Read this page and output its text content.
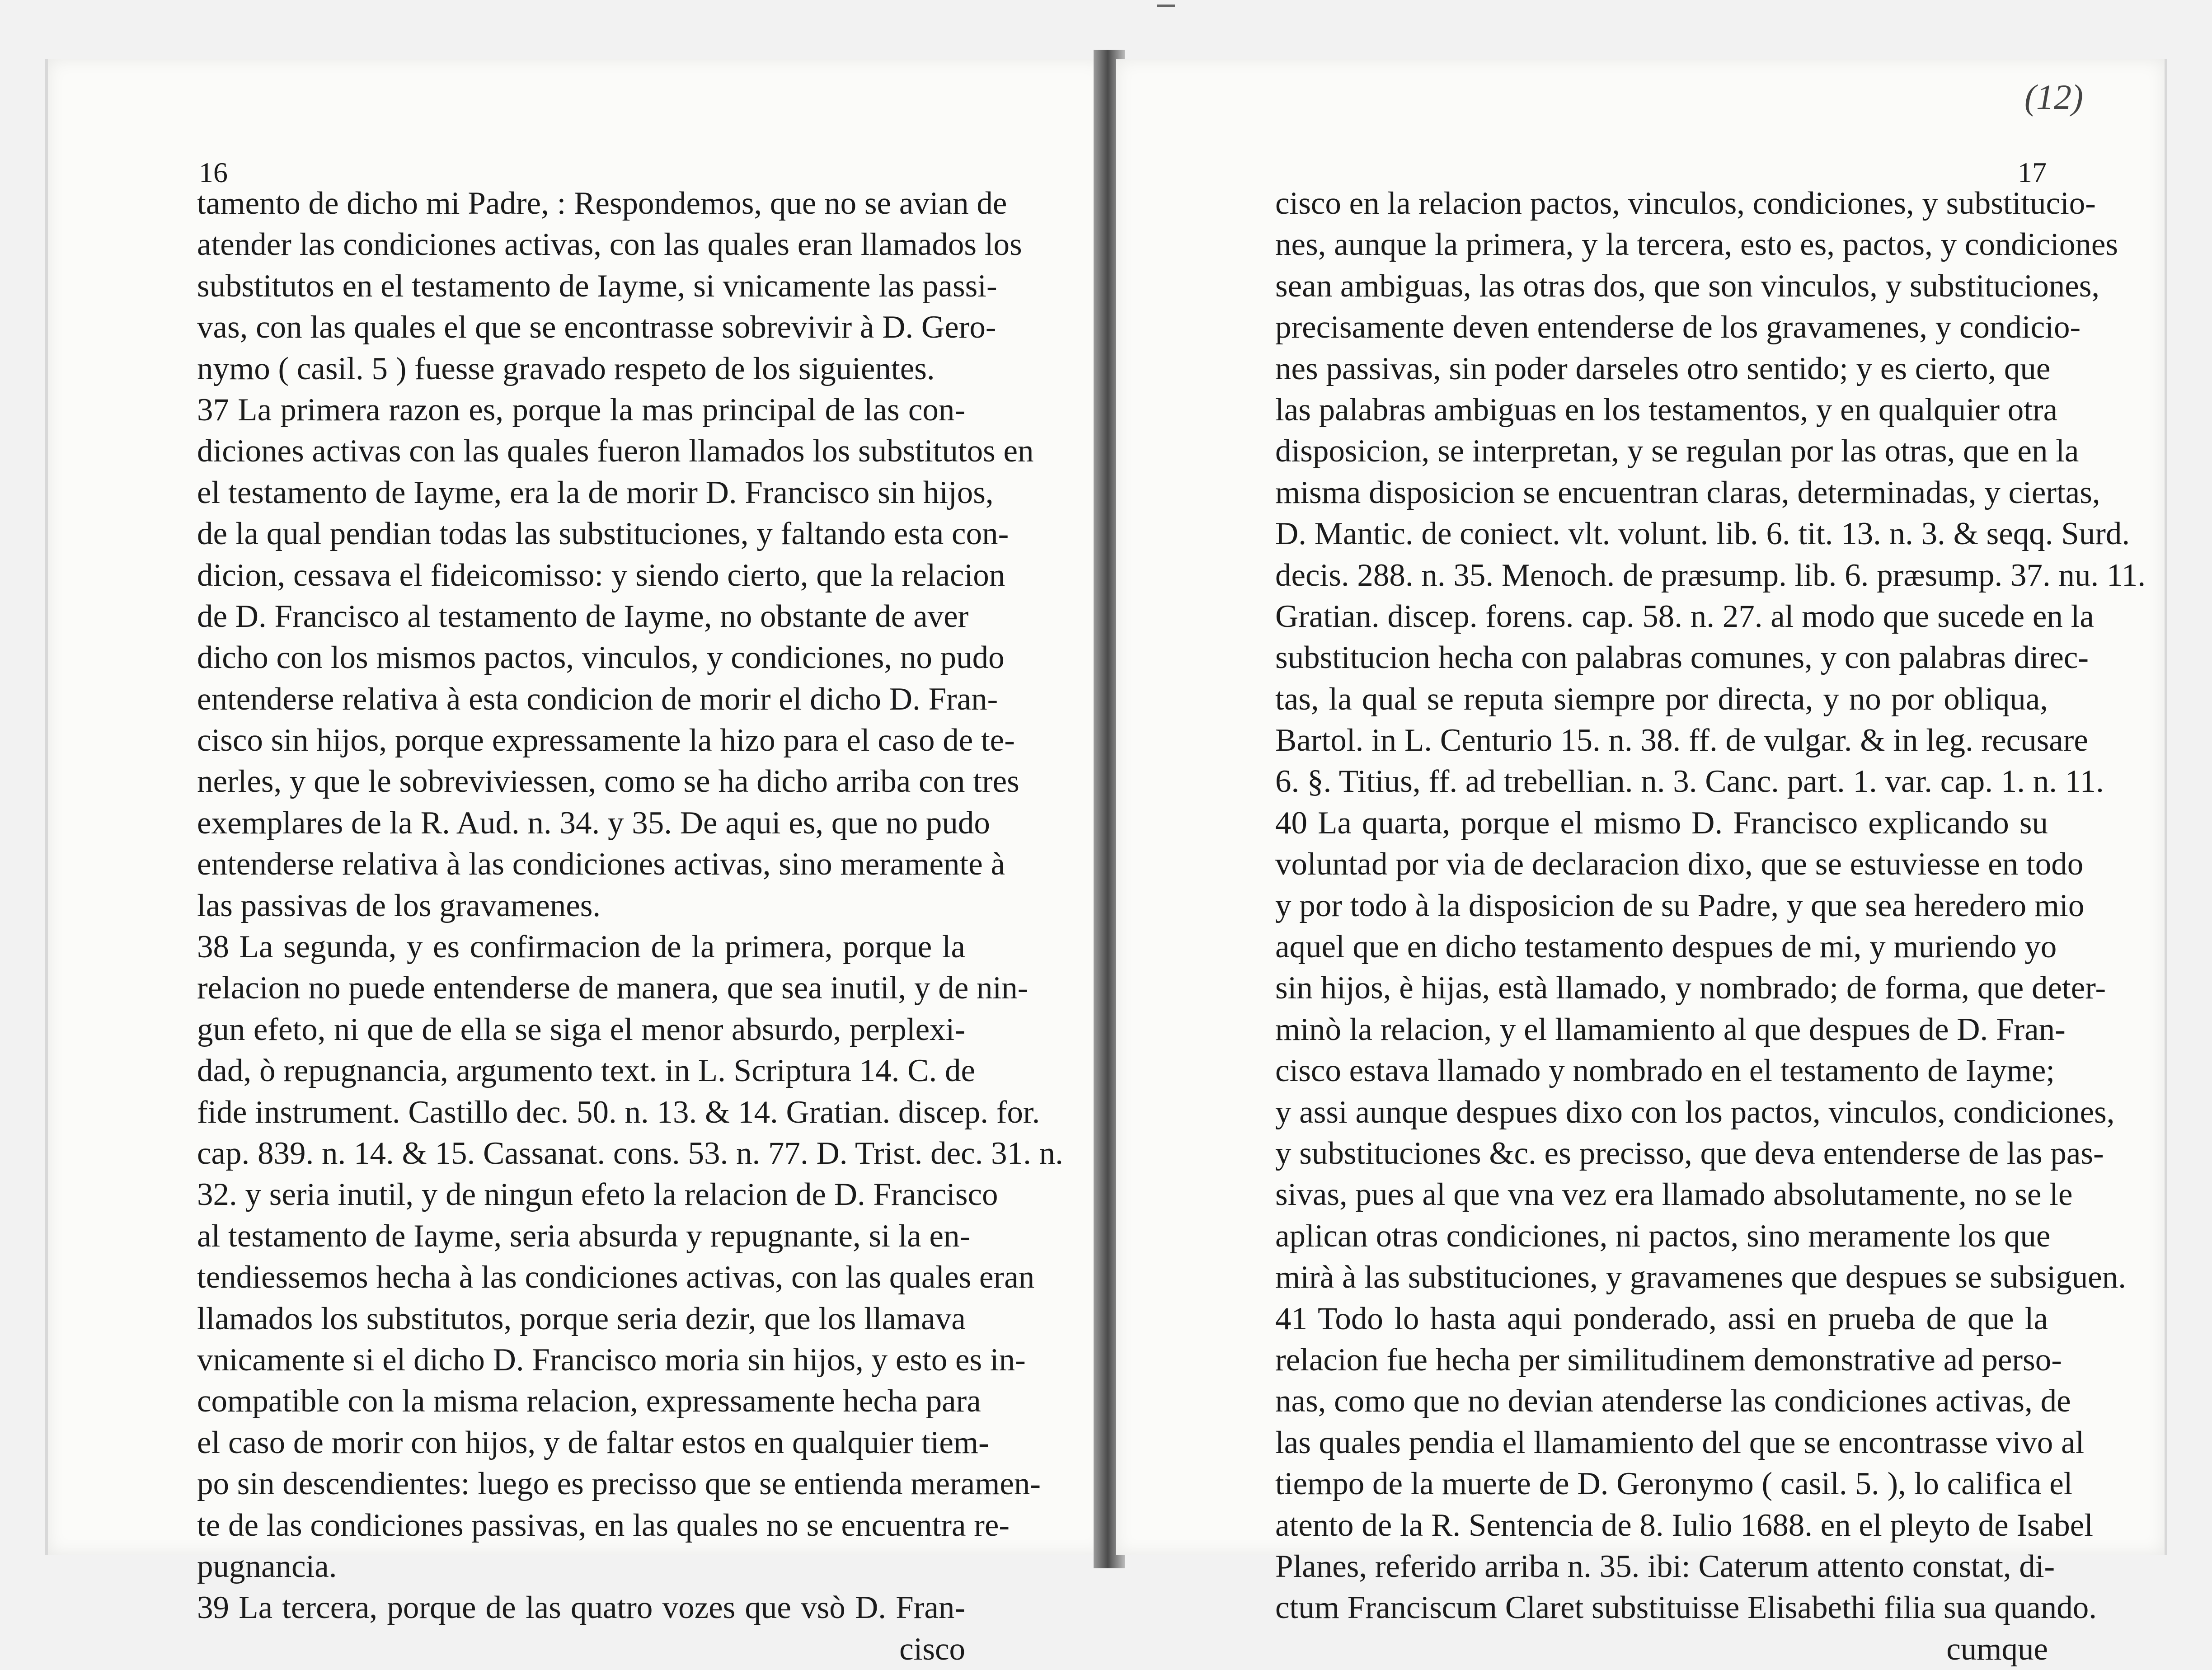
16	17
(12)
tamento de dicho mi Padre, : Respondemos, que no se avian de
atender las condiciones activas, con las quales eran llamados los
substitutos en el testamento de Iayme, si vnicamente las passi-
vas, con las quales el que se encontrasse sobrevivir à D. Gero-
nymo ( casil. 5 ) fuesse gravado respeto de los siguientes.
37 La primera razon es, porque la mas principal de las con-
diciones activas con las quales fueron llamados los substitutos en
el testamento de Iayme, era la de morir D. Francisco sin hijos,
de la qual pendian todas las substituciones, y faltando esta con-
dicion, cessava el fideicomisso: y siendo cierto, que la relacion
de D. Francisco al testamento de Iayme, no obstante de aver
dicho con los mismos pactos, vinculos, y condiciones, no pudo
entenderse relativa à esta condicion de morir el dicho D. Fran-
cisco sin hijos, porque expressamente la hizo para el caso de te-
nerles, y que le sobreviviessen, como se ha dicho arriba con tres
exemplares de la R. Aud. n. 34. y 35. De aqui es, que no pudo
entenderse relativa à las condiciones activas, sino meramente à
las passivas de los gravamenes.
38 La segunda, y es confirmacion de la primera, porque la
relacion no puede entenderse de manera, que sea inutil, y de nin-
gun efeto, ni que de ella se siga el menor absurdo, perplexi-
dad, ò repugnancia, argumento text. in L. Scriptura 14. C. de
fide instrument. Castillo dec. 50. n. 13. & 14. Gratian. discep. for.
cap. 839. n. 14. & 15. Cassanat. cons. 53. n. 77. D. Trist. dec. 31. n.
32. y seria inutil, y de ningun efeto la relacion de D. Francisco
al testamento de Iayme, seria absurda y repugnante, si la en-
tendiessemos hecha à las condiciones activas, con las quales eran
llamados los substitutos, porque seria dezir, que los llamava
vnicamente si el dicho D. Francisco moria sin hijos, y esto es in-
compatible con la misma relacion, expressamente hecha para
el caso de morir con hijos, y de faltar estos en qualquier tiem-
po sin descendientes: luego es precisso que se entienda meramen-
te de las condiciones passivas, en las quales no se encuentra re-
pugnancia.
39 La tercera, porque de las quatro vozes que vsò D. Fran-
cisco
cisco en la relacion pactos, vinculos, condiciones, y substitucio-
nes, aunque la primera, y la tercera, esto es, pactos, y condiciones
sean ambiguas, las otras dos, que son vinculos, y substituciones,
precisamente deven entenderse de los gravamenes, y condicio-
nes passivas, sin poder darseles otro sentido; y es cierto, que
las palabras ambiguas en los testamentos, y en qualquier otra
disposicion, se interpretan, y se regulan por las otras, que en la
misma disposicion se encuentran claras, determinadas, y ciertas,
D. Mantic. de coniect. vlt. volunt. lib. 6. tit. 13. n. 3. & seqq. Surd.
decis. 288. n. 35. Menoch. de præsump. lib. 6. præsump. 37. nu. 11.
Gratian. discep. forens. cap. 58. n. 27. al modo que sucede en la
substitucion hecha con palabras comunes, y con palabras direc-
tas, la qual se reputa siempre por directa, y no por obliqua,
Bartol. in L. Centurio 15. n. 38. ff. de vulgar. & in leg. recusare
6. §. Titius, ff. ad trebellian. n. 3. Canc. part. 1. var. cap. 1. n. 11.
40 La quarta, porque el mismo D. Francisco explicando su
voluntad por via de declaracion dixo, que se estuviesse en todo
y por todo à la disposicion de su Padre, y que sea heredero mio
aquel que en dicho testamento despues de mi, y muriendo yo
sin hijos, è hijas, està llamado, y nombrado; de forma, que deter-
minò la relacion, y el llamamiento al que despues de D. Fran-
cisco estava llamado y nombrado en el testamento de Iayme;
y assi aunque despues dixo con los pactos, vinculos, condiciones,
y substituciones &c. es precisso, que deva entenderse de las pas-
sivas, pues al que vna vez era llamado absolutamente, no se le
aplican otras condiciones, ni pactos, sino meramente los que
mirà à las substituciones, y gravamenes que despues se subsiguen.
41 Todo lo hasta aqui ponderado, assi en prueba de que la
relacion fue hecha per similitudinem demonstrative ad perso-
nas, como que no devian atenderse las condiciones activas, de
las quales pendia el llamamiento del que se encontrasse vivo al
tiempo de la muerte de D. Geronymo ( casil. 5. ), lo califica el
atento de la R. Sentencia de 8. Iulio 1688. en el pleyto de Isabel
Planes, referido arriba n. 35. ibi: Caterum attento constat, di-
ctum Franciscum Claret substituisse Elisabethi filia sua quando.
cumque
